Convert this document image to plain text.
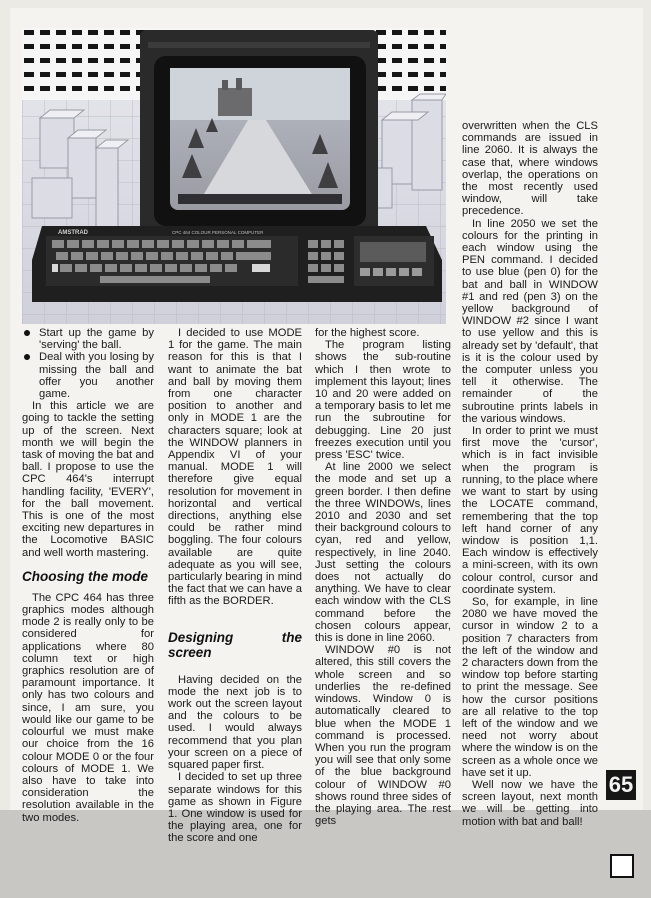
AMSTRAD	CPC 464 COLOUR PERSONAL COMPUTER
Start up the game by 'serving' the ball.
Deal with you losing by missing the ball and offer you another game.

In this article we are going to tackle the setting up of the screen. Next month we will begin the task of moving the bat and ball. I propose to use the CPC 464's interrupt handling facility, 'EVERY', for the ball movement. This is one of the most exciting new departures in the Locomotive BASIC and well worth mastering.

Choosing the mode

The CPC 464 has three graphics modes although mode 2 is really only to be considered for applications where 80 column text or high graphics resolution are of paramount importance. It only has two colours and since, I am sure, you would like our game to be colourful we must make our choice from the 16 colour MODE 0 or the four colours of MODE 1. We also have to take into consideration the resolution available in the two modes.

I decided to use MODE 1 for the game. The main reason for this is that I want to animate the bat and ball by moving them from one character position to another and only in MODE 1 are the characters square; look at the WINDOW planners in Appendix VI of your manual. MODE 1 will therefore give equal resolution for movement in horizontal and vertical directions, anything else could be rather mind boggling. The four colours available are quite adequate as you will see, particularly bearing in mind the fact that we can have a fifth as the BORDER.

Designing the screen

Having decided on the mode the next job is to work out the screen layout and the colours to be used. I would always recommend that you plan your screen on a piece of squared paper first.

I decided to set up three separate windows for this game as shown in Figure 1. One window is used for the playing area, one for the score and one

for the highest score.

The program listing shows the sub-routine which I then wrote to implement this layout; lines 10 and 20 were added on a temporary basis to let me run the subroutine for debugging. Line 20 just freezes execution until you press 'ESC' twice.

At line 2000 we select the mode and set up a green border. I then define the three WINDOWs, lines 2010 and 2030 and set their background colours to cyan, red and yellow, respectively, in line 2040. Just setting the colours does not actually do anything. We have to clear each window with the CLS command before the chosen colours appear, this is done in line 2060.

WINDOW #0 is not altered, this still covers the whole screen and so underlies the re-defined windows. Window 0 is automatically cleared to blue when the MODE 1 command is processed. When you run the program you will see that only some of the blue background colour of WINDOW #0 shows round three sides of the playing area. The rest gets

overwritten when the CLS commands are issued in line 2060. It is always the case that, where windows overlap, the operations on the most recently used window, will take precedence.

In line 2050 we set the colours for the printing in each window using the PEN command. I decided to use blue (pen 0) for the bat and ball in WINDOW #1 and red (pen 3) on the yellow background of WINDOW #2 since I want to use yellow and this is already set by 'default', that is it is the colour used by the computer unless you tell it otherwise. The remainder of the subroutine prints labels in the various windows.

In order to print we must first move the 'cursor', which is in fact invisible when the program is running, to the place where we want to start by using the LOCATE command, remembering that the top left hand corner of any window is position 1,1. Each window is effectively a mini-screen, with its own colour control, cursor and coordinate system.

So, for example, in line 2080 we have moved the cursor in window 2 to a position 7 characters from the left of the window and 2 characters down from the window top before starting to print the message. See how the cursor positions are all relative to the top left of the window and we need not worry about where the window is on the screen as a whole once we have set it up.

Well now we have the screen layout, next month we will be getting into motion with bat and ball!

65
